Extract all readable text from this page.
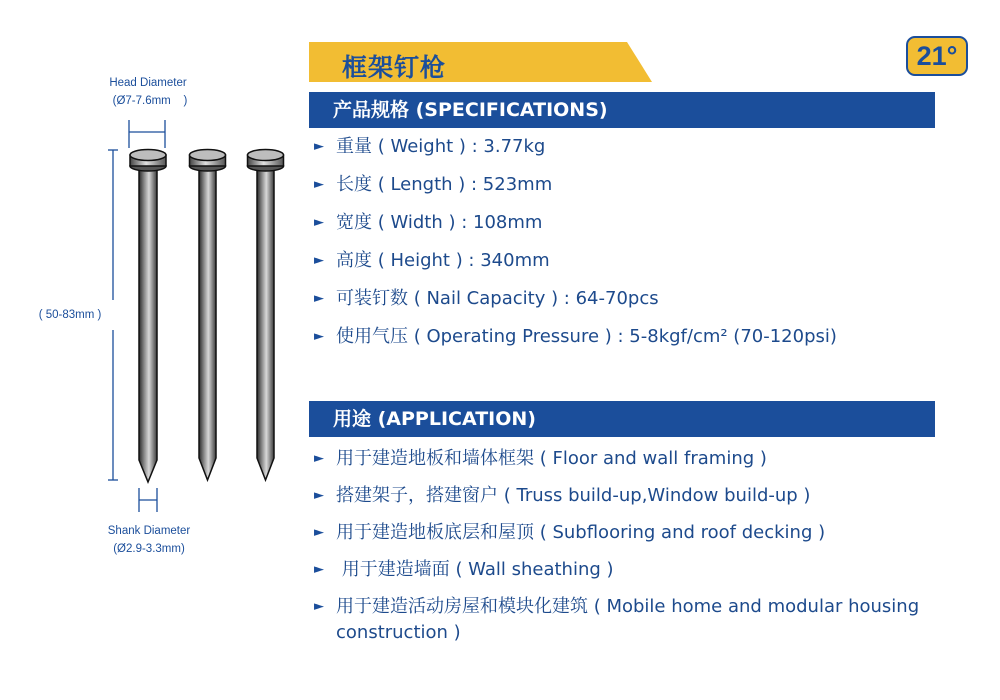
Head Diameter
(Ø7-7.6mm    )
( 50-83mm )
Shank Diameter
(Ø2.9-3.3mm)
框架钉枪	21°
产品规格 (SPECIFICATIONS)
► 重量 ( Weight ) : 3.77kg
► 长度 ( Length ) : 523mm
► 宽度 ( Width ) : 108mm
► 高度 ( Height ) : 340mm
► 可装钉数 ( Nail Capacity ) : 64-70pcs
► 使用气压 ( Operating Pressure ) : 5-8kgf/cm² (70-120psi)
用途 (APPLICATION)
► 用于建造地板和墙体框架 ( Floor and wall framing )
► 搭建架子，搭建窗户 ( Truss build-up,Window build-up )
► 用于建造地板底层和屋顶 ( Subflooring and roof decking )
► 用于建造墙面 ( Wall sheathing )
► 用于建造活动房屋和模块化建筑 ( Mobile home and modular housing construction )
